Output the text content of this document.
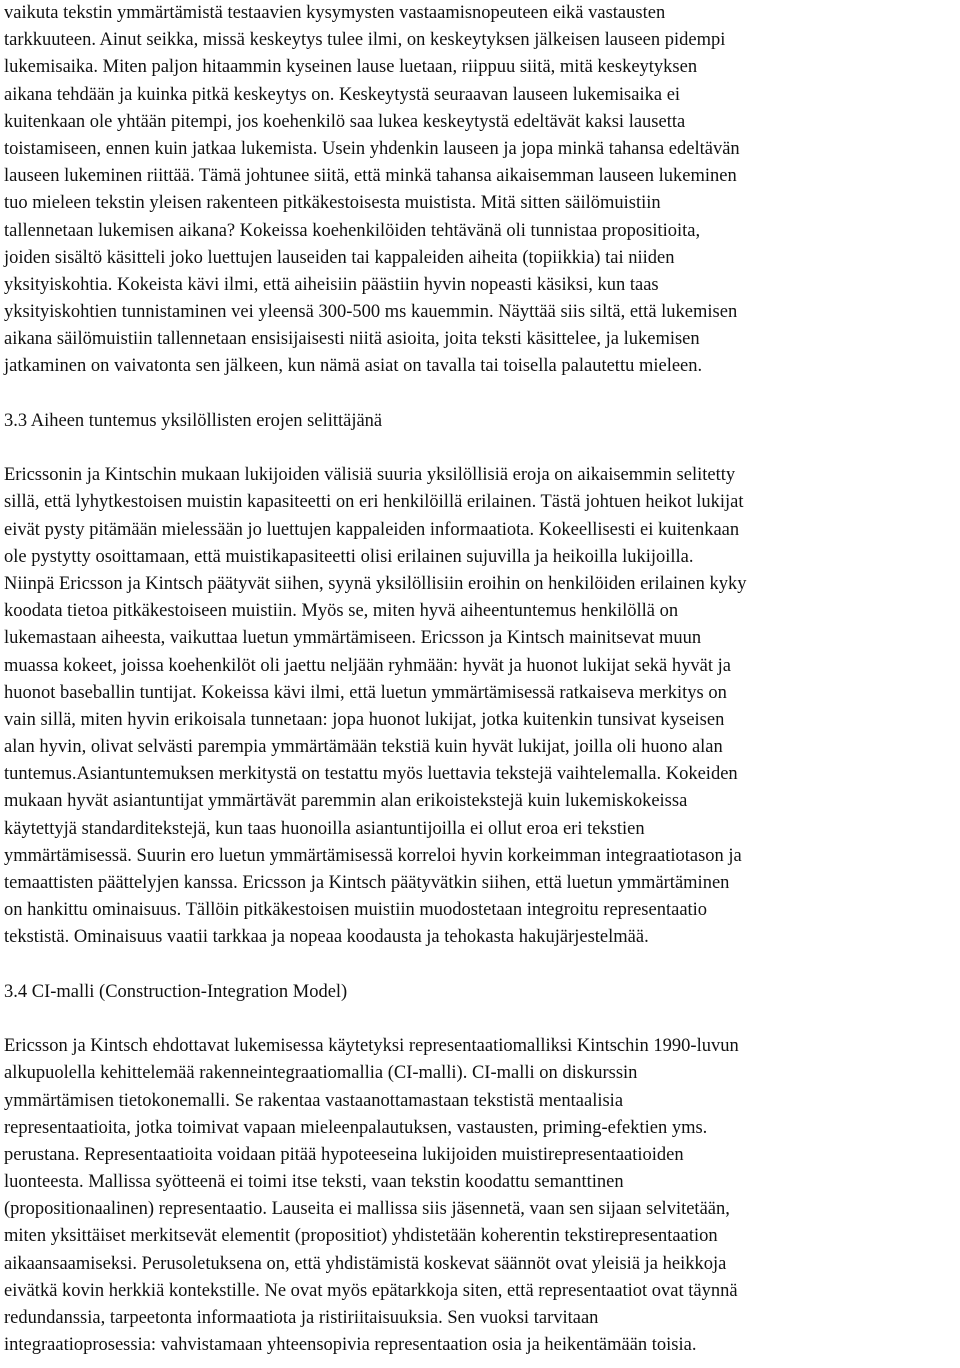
vaikuta tekstin ymmärtämistä testaavien kysymysten vastaamisnopeuteen eikä vastausten
tarkkuuteen. Ainut seikka, missä keskeytys tulee ilmi, on keskeytyksen jälkeisen lauseen pidempi
lukemisaika. Miten paljon hitaammin kyseinen lause luetaan, riippuu siitä, mitä keskeytyksen
aikana tehdään ja kuinka pitkä keskeytys on. Keskeytystä seuraavan lauseen lukemisaika ei
kuitenkaan ole yhtään pitempi, jos koehenkilö saa lukea keskeytystä edeltävät kaksi lausetta
toistamiseen, ennen kuin jatkaa lukemista. Usein yhdenkin lauseen ja jopa minkä tahansa edeltävän
lauseen lukeminen riittää. Tämä johtunee siitä, että minkä tahansa aikaisemman lauseen lukeminen
tuo mieleen tekstin yleisen rakenteen pitkäkestoisesta muistista. Mitä sitten säilömuistiin
tallennetaan lukemisen aikana? Kokeissa koehenkilöiden tehtävänä oli tunnistaa propositioita,
joiden sisältö käsitteli joko luettujen lauseiden tai kappaleiden aiheita (topiikkia) tai niiden
yksityiskohtia. Kokeista kävi ilmi, että aiheisiin päästiin hyvin nopeasti käsiksi, kun taas
yksityiskohtien tunnistaminen vei yleensä 300-500 ms kauemmin. Näyttää siis siltä, että lukemisen
aikana säilömuistiin tallennetaan ensisijaisesti niitä asioita, joita teksti käsittelee, ja lukemisen
jatkaminen on vaivatonta sen jälkeen, kun nämä asiat on tavalla tai toisella palautettu mieleen.
3.3 Aiheen tuntemus yksilöllisten erojen selittäjänä
Ericssonin ja Kintschin mukaan lukijoiden välisiä suuria yksilöllisiä eroja on aikaisemmin selitetty
sillä, että lyhytkestoisen muistin kapasiteetti on eri henkilöillä erilainen. Tästä johtuen heikot lukijat
eivät pysty pitämään mielessään jo luettujen kappaleiden informaatiota. Kokeellisesti ei kuitenkaan
ole pystytty osoittamaan, että muistikapasiteetti olisi erilainen sujuvilla ja heikoilla lukijoilla.
Niinpä Ericsson ja Kintsch päätyvät siihen, syynä yksilöllisiin eroihin on henkilöiden erilainen kyky
koodata tietoa pitkäkestoiseen muistiin. Myös se, miten hyvä aiheentuntemus henkilöllä on
lukemastaan aiheesta, vaikuttaa luetun ymmärtämiseen. Ericsson ja Kintsch mainitsevat muun
muassa kokeet, joissa koehenkilöt oli jaettu neljään ryhmään: hyvät ja huonot lukijat sekä hyvät ja
huonot baseballin tuntijat. Kokeissa kävi ilmi, että luetun ymmärtämisessä ratkaiseva merkitys on
vain sillä, miten hyvin erikoisala tunnetaan: jopa huonot lukijat, jotka kuitenkin tunsivat kyseisen
alan hyvin, olivat selvästi parempia ymmärtämään tekstiä kuin hyvät lukijat, joilla oli huono alan
tuntemus.Asiantuntemuksen merkitystä on testattu myös luettavia tekstejä vaihtelemalla. Kokeiden
mukaan hyvät asiantuntijat ymmärtävät paremmin alan erikoistekstejä kuin lukemiskokeissa
käytettyjä standarditekstejä, kun taas huonoilla asiantuntijoilla ei ollut eroa eri tekstien
ymmärtämisessä. Suurin ero luetun ymmärtämisessä korreloi hyvin korkeimman integraatiotason ja
temaattisten päättelyjen kanssa. Ericsson ja Kintsch päätyvätkin siihen, että luetun ymmärtäminen
on hankittu ominaisuus. Tällöin pitkäkestoisen muistiin muodostetaan integroitu representaatio
tekstistä. Ominaisuus vaatii tarkkaa ja nopeaa koodausta ja tehokasta hakujärjestelmää.
3.4 CI-malli (Construction-Integration Model)
Ericsson ja Kintsch ehdottavat lukemisessa käytetyksi representaatiomalliksi Kintschin 1990-luvun
alkupuolella kehittelemää rakenneintegraatiomallia (CI-malli). CI-malli on diskurssin
ymmärtämisen tietokonemalli. Se rakentaa vastaanottamastaan tekstistä mentaalisia
representaatioita, jotka toimivat vapaan mieleenpalautuksen, vastausten, priming-efektien yms.
perustana. Representaatioita voidaan pitää hypoteeseina lukijoiden muistirepresentaatioiden
luonteesta. Mallissa syötteenä ei toimi itse teksti, vaan tekstin koodattu semanttinen
(propositionaalinen) representaatio. Lauseita ei mallissa siis jäsennetä, vaan sen sijaan selvitetään,
miten yksittäiset merkitsevät elementit (propositiot) yhdistetään koherentin tekstirepresentaation
aikaansaamiseksi. Perusoletuksena on, että yhdistämistä koskevat säännöt ovat yleisiä ja heikkoja
eivätkä kovin herkkiä kontekstille. Ne ovat myös epätarkkoja siten, että representaatiot ovat täynnä
redundanssia, tarpeetonta informaatiota ja ristiriitaisuuksia. Sen vuoksi tarvitaan
integraatioprosessia: vahvistamaan yhteensopivia representaation osia ja heikentämään toisia.
